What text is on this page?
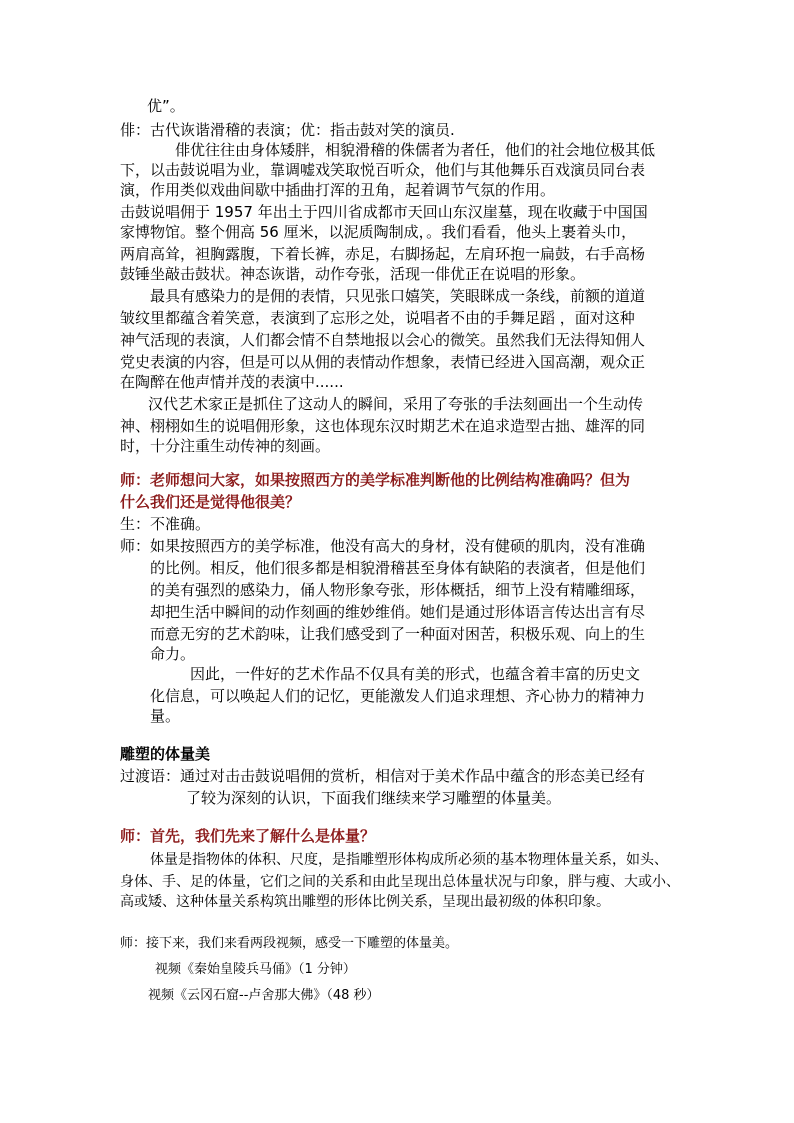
优”。
俳：古代诙谐滑稽的表演；优：指击鼓对笑的演员.
俳优往往由身体矮胖，相貌滑稽的侏儒者为者任，他们的社会地位极其低
下，以击鼓说唱为业，靠调嘘戏笑取悦百听众，他们与其他舞乐百戏演员同台表
演，作用类似戏曲间歇中插曲打浑的丑角，起着调节气氛的作用。
击鼓说唱佣于 1957 年出土于四川省成都市天回山东汉崖墓，现在收藏于中国国
家博物馆。整个佣高 56 厘米，以泥质陶制成，。我们看看，他头上裹着头巾，
两肩高耸，袒胸露腹，下着长裤，赤足，右脚扬起，左肩环抱一扁鼓，右手高杨
鼓锤坐敲击鼓状。神态诙谐，动作夸张，活现一俳优正在说唱的形象。
最具有感染力的是佣的表情，只见张口嬉笑，笑眼眯成一条线，前额的道道
皱纹里都蕴含着笑意，表演到了忘形之处，说唱者不由的手舞足蹈 ，面对这种
神气活现的表演，人们都会情不自禁地报以会心的微笑。虽然我们无法得知佣人
党史表演的内容，但是可以从佣的表情动作想象，表情已经进入国高潮，观众正
在陶醉在他声情并茂的表演中......
汉代艺术家正是抓住了这动人的瞬间，采用了夸张的手法刻画出一个生动传
神、栩栩如生的说唱佣形象，这也体现东汉时期艺术在追求造型古拙、雄浑的同
时，十分注重生动传神的刻画。
师：老师想问大家，如果按照西方的美学标准判断他的比例结构准确吗？但为
什么我们还是觉得他很美？
生：不准确。
师：如果按照西方的美学标准，他没有高大的身材，没有健硕的肌肉，没有准确
的比例。相反，他们很多都是相貌滑稽甚至身体有缺陷的表演者，但是他们
的美有强烈的感染力，俑人物形象夸张，形体概括，细节上没有精雕细琢，
却把生活中瞬间的动作刻画的维妙维俏。她们是通过形体语言传达出言有尽
而意无穷的艺术韵味，让我们感受到了一种面对困苦，积极乐观、向上的生
命力。
因此，一件好的艺术作品不仅具有美的形式，也蕴含着丰富的历史文
化信息，可以唤起人们的记忆，更能激发人们追求理想、齐心协力的精神力
量。
雕塑的体量美
过渡语：通过对击击鼓说唱佣的赏析，相信对于美术作品中蕴含的形态美已经有
了较为深刻的认识，下面我们继续来学习雕塑的体量美。
师：首先，我们先来了解什么是体量？
体量是指物体的体积、尺度，是指雕塑形体构成所必须的基本物理体量关系，如头、
身体、手、足的体量，它们之间的关系和由此呈现出总体量状况与印象，胖与瘦、大或小、
高或矮、这种体量关系构筑出雕塑的形体比例关系，呈现出最初级的体积印象。
师：接下来，我们来看两段视频，感受一下雕塑的体量美。
视频《秦始皇陵兵马俑》（1 分钟）
视频《云冈石窟--卢舍那大佛》（48 秒）
